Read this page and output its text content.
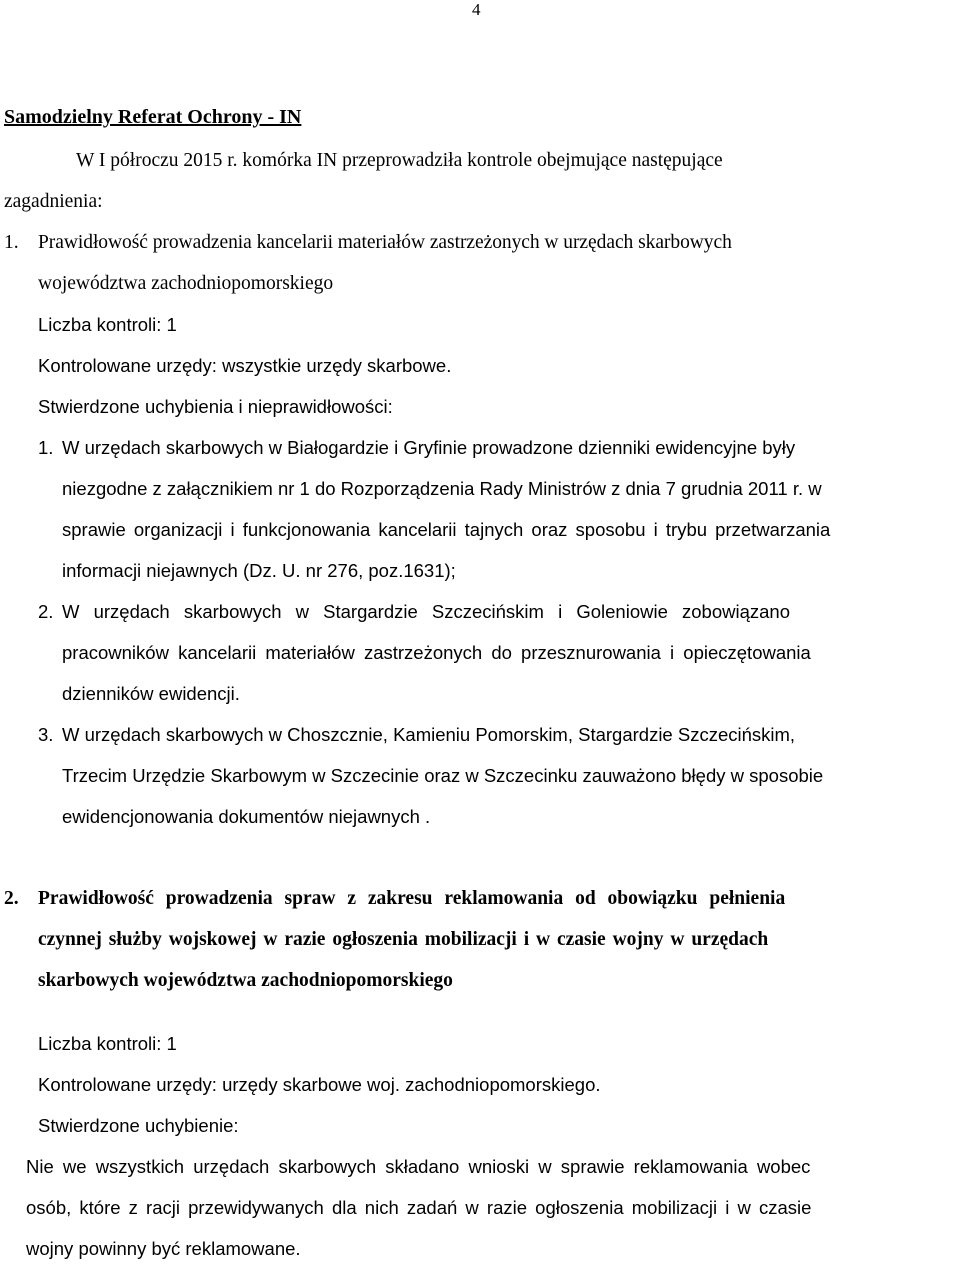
4
Samodzielny Referat Ochrony - IN
W I półroczu 2015 r. komórka IN przeprowadziła kontrole obejmujące następujące
zagadnienia:
1. Prawidłowość prowadzenia kancelarii materiałów zastrzeżonych w urzędach skarbowych
województwa zachodniopomorskiego
Liczba kontroli: 1
Kontrolowane urzędy: wszystkie urzędy skarbowe.
Stwierdzone uchybienia i nieprawidłowości:
1. W urzędach skarbowych w Białogardzie i Gryfinie prowadzone dzienniki ewidencyjne były
niezgodne z załącznikiem nr 1 do Rozporządzenia Rady Ministrów z dnia 7 grudnia 2011 r. w
sprawie organizacji i funkcjonowania kancelarii tajnych oraz sposobu i trybu przetwarzania
informacji niejawnych (Dz. U. nr 276, poz.1631);
2. W urzędach skarbowych w Stargardzie Szczecińskim i Goleniowie zobowiązano
pracowników kancelarii materiałów zastrzeżonych do przesznurowania i opieczętowania
dzienników ewidencji.
3. W urzędach skarbowych w Choszcznie, Kamieniu Pomorskim, Stargardzie Szczecińskim,
Trzecim Urzędzie Skarbowym w Szczecinie oraz w Szczecinku zauważono błędy w sposobie
ewidencjonowania dokumentów niejawnych .
2. Prawidłowość prowadzenia spraw z zakresu reklamowania od obowiązku pełnienia
czynnej służby wojskowej w razie ogłoszenia mobilizacji i w czasie wojny w urzędach
skarbowych województwa zachodniopomorskiego
Liczba kontroli: 1
Kontrolowane urzędy: urzędy skarbowe woj. zachodniopomorskiego.
Stwierdzone uchybienie:
Nie we wszystkich urzędach skarbowych składano wnioski w sprawie reklamowania wobec
osób, które z racji przewidywanych dla nich zadań w razie ogłoszenia mobilizacji i w czasie
wojny powinny być reklamowane.
